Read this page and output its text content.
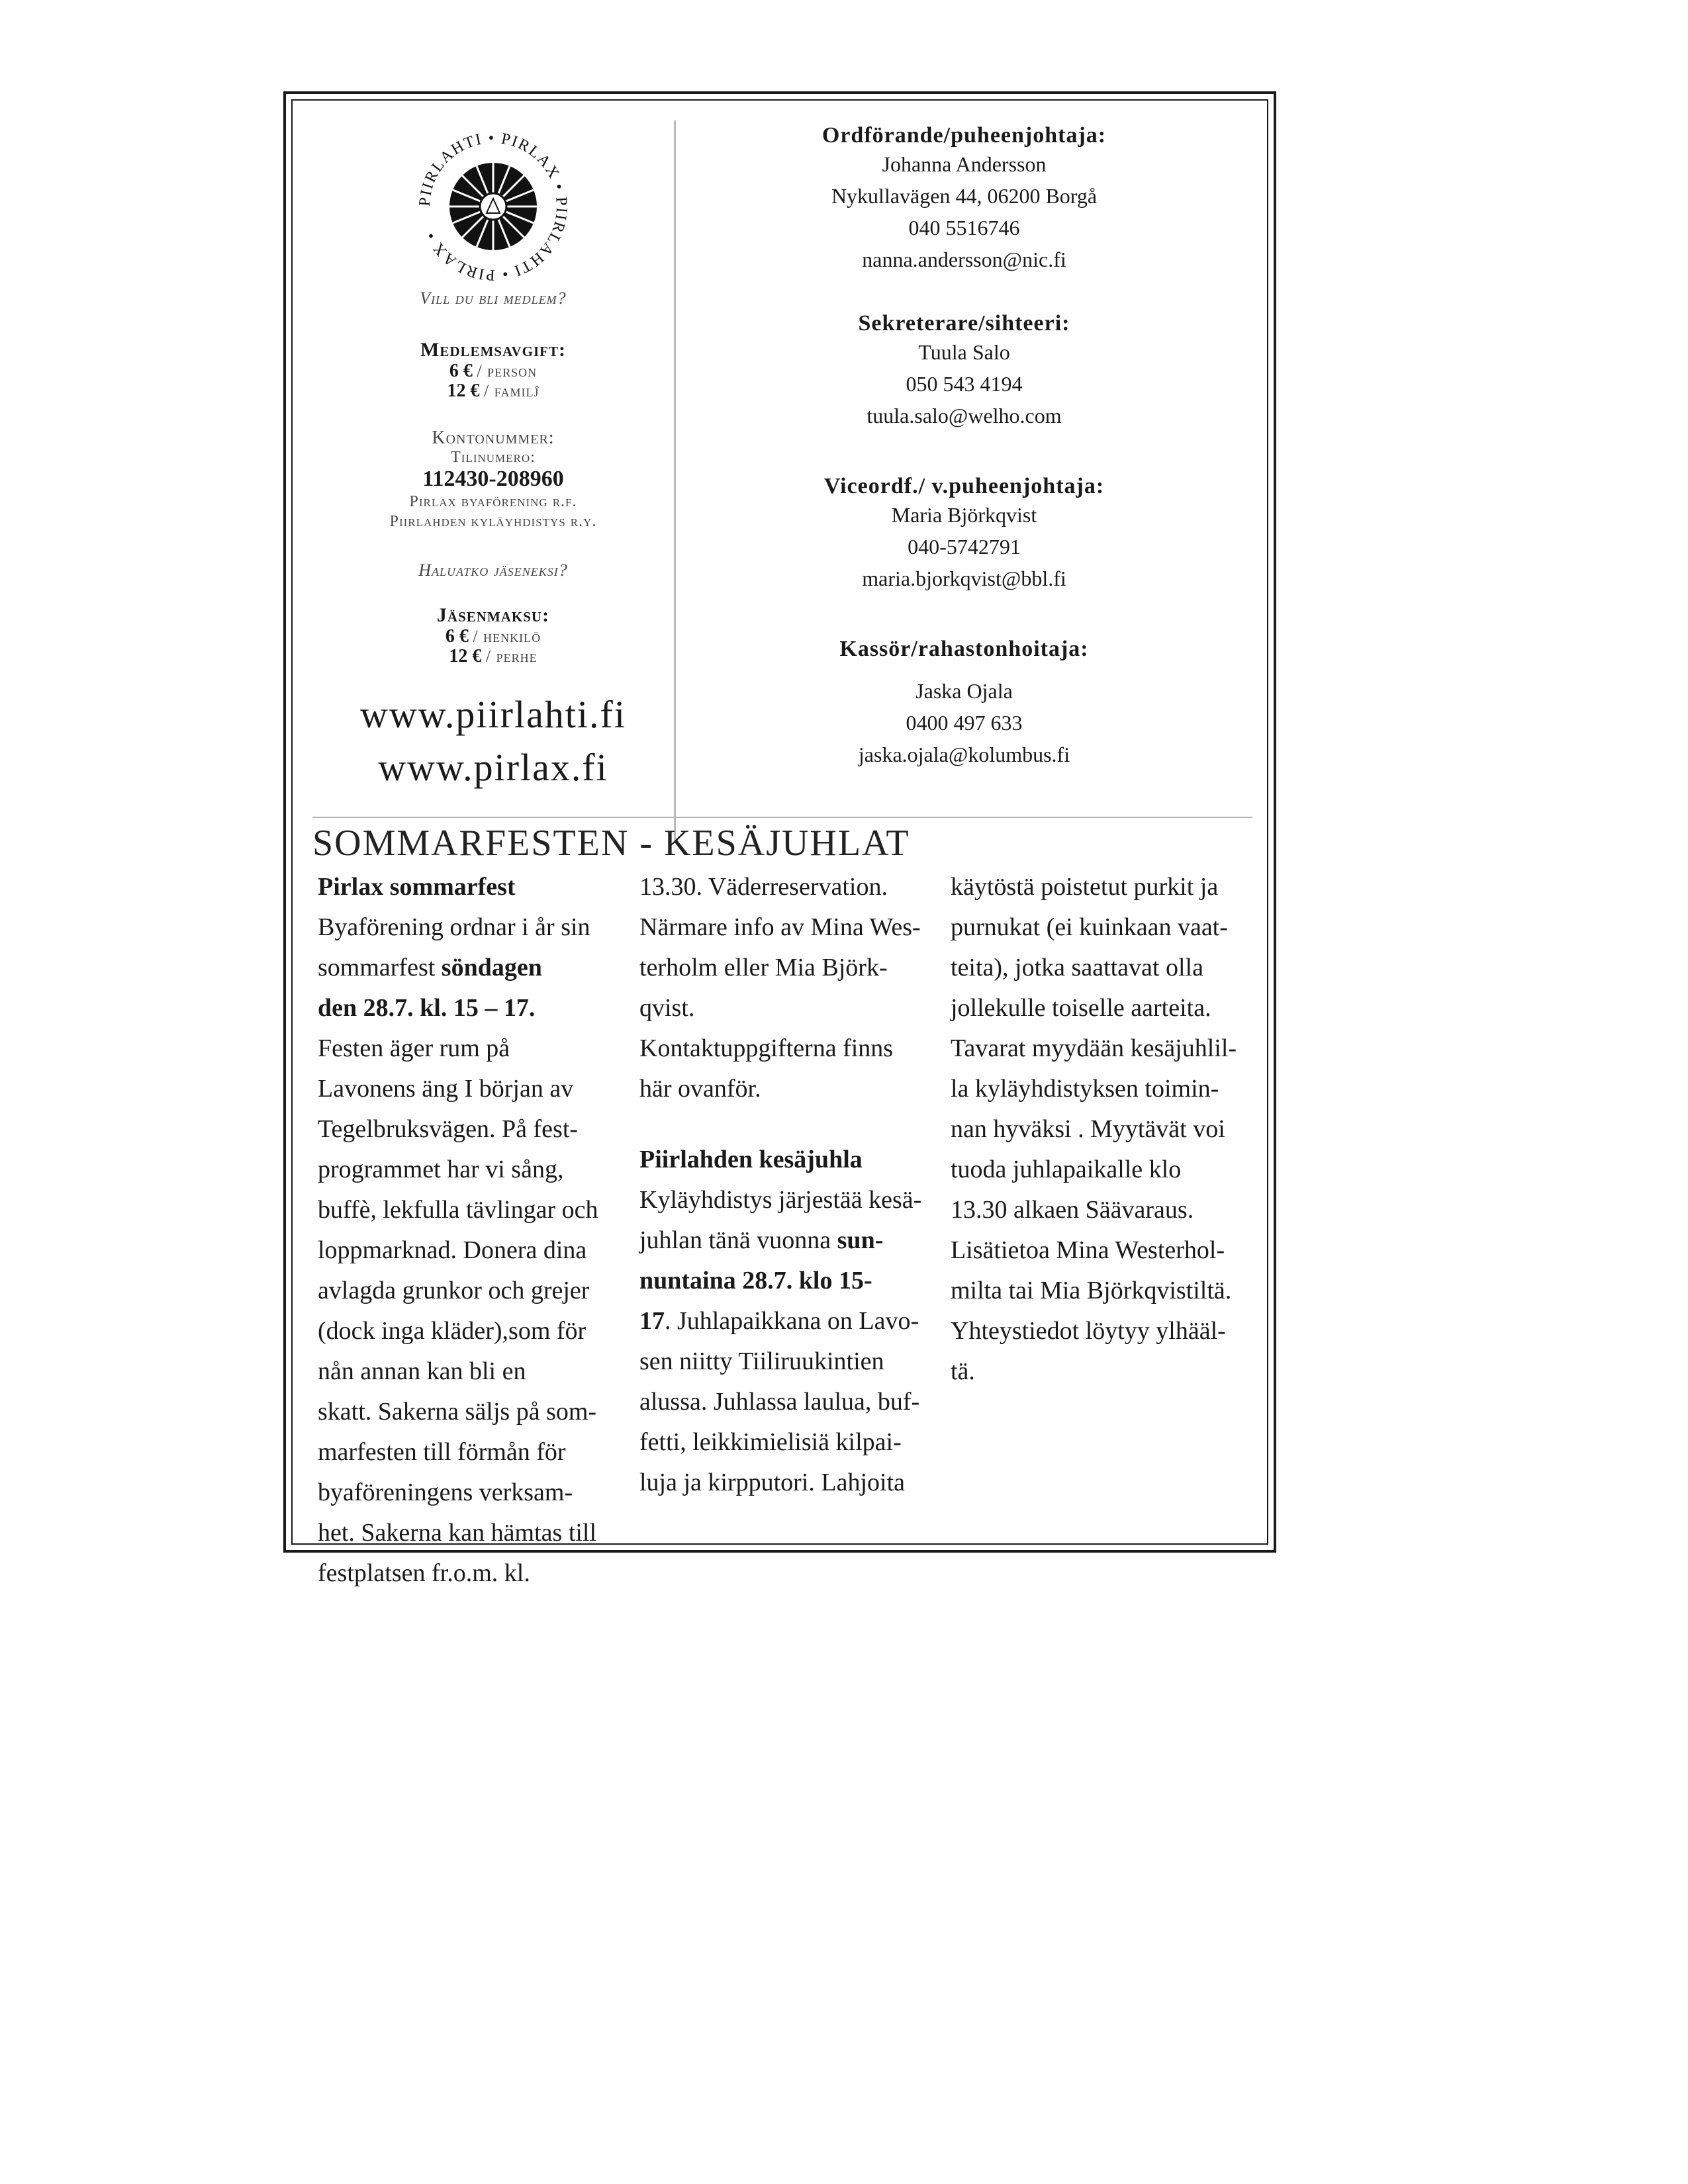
PIIRLAHTI • PIRLAX • PIIRLAHTI • PIRLAX •
Vill du bli medlem?
Medlemsavgift:
6 € / person
12 € / familĵ
Kontonummer:
Tilinumero:
112430-208960
Pirlax byaförening r.f.
Piirlahden kyläyhdistys r.y.
Haluatko jäseneksi?
Jäsenmaksu:
6 € / henkilö
12 € / perhe
www.piirlahti.fi
www.pirlax.fi
Ordförande/puheenjohtaja:
Johanna Andersson
Nykullavägen 44, 06200 Borgå
040 5516746
nanna.andersson@nic.fi
Sekreterare/sihteeri:
Tuula Salo
050 543 4194
tuula.salo@welho.com
Viceordf./ v.puheenjohtaja:
Maria Björkqvist
040-5742791
maria.bjorkqvist@bbl.fi
Kassör/rahastonhoitaja:
Jaska Ojala
0400 497 633
jaska.ojala@kolumbus.fi
SOMMARFESTEN - KESÄJUHLAT

Pirlax sommarfest

Byaförening ordnar i år sin

sommarfest söndagen

den 28.7. kl. 15 – 17.

Festen äger rum på

Lavonens äng I början av

Tegelbruksvägen. På fest-

programmet har vi sång,

buffè, lekfulla tävlingar och

loppmarknad. Donera dina

avlagda grunkor och grejer

(dock inga kläder),som för

nån annan kan bli en

skatt. Sakerna säljs på som-

marfesten till förmån för

byaföreningens verksam-

het. Sakerna kan hämtas till

festplatsen fr.o.m. kl.

13.30. Väderreservation.

Närmare info av Mina Wes-

terholm eller Mia Björk-

qvist.

Kontaktuppgifterna finns

här ovanför.

Piirlahden kesäjuhla

Kyläyhdistys järjestää kesä-

juhlan tänä vuonna sun-

nuntaina 28.7. klo 15-

17. Juhlapaikkana on Lavo-

sen niitty Tiiliruukintien

alussa. Juhlassa laulua, buf-

fetti, leikkimielisiä kilpai-

luja ja kirpputori. Lahjoita

käytöstä poistetut purkit ja

purnukat (ei kuinkaan vaat-

teita), jotka saattavat olla

jollekulle toiselle aarteita.

Tavarat myydään kesäjuhlil-

la kyläyhdistyksen toimin-

nan hyväksi . Myytävät voi

tuoda juhlapaikalle klo

13.30 alkaen Säävaraus.

Lisätietoa Mina Westerhol-

milta tai Mia Björkqvistiltä.

Yhteystiedot löytyy ylhääl-

tä.
